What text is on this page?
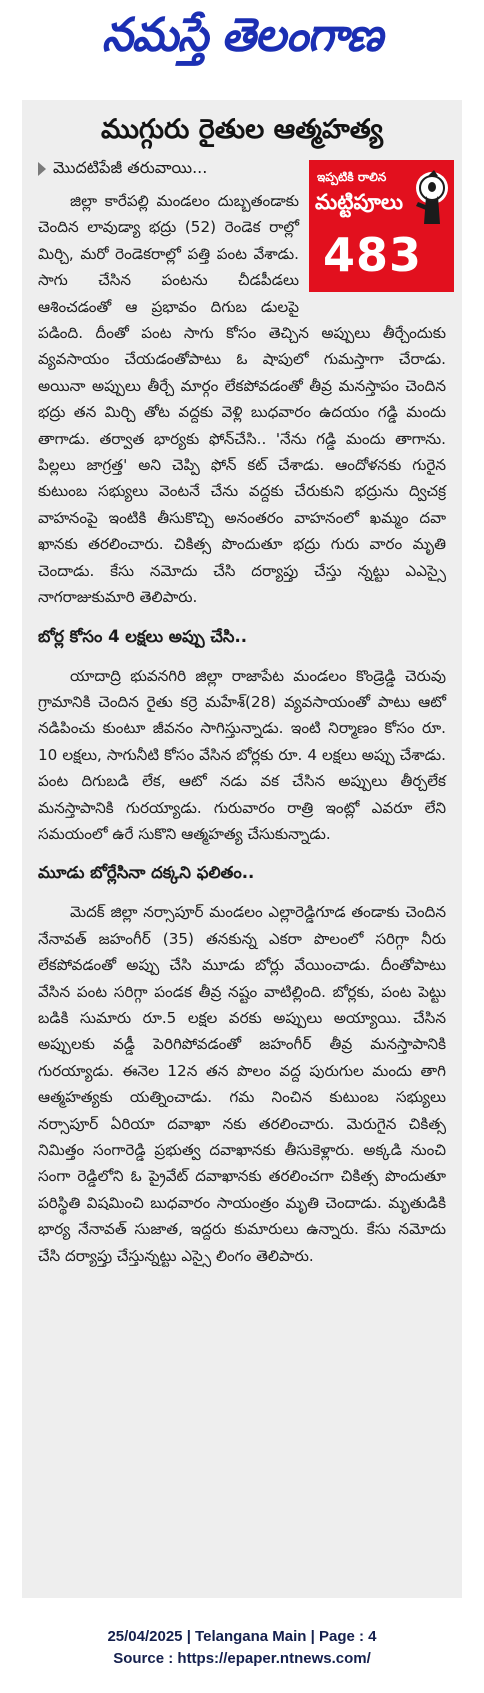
నమస్తే తెలంగాణ
ముగ్గురు రైతుల ఆత్మహత్య
మొదటిపేజీ తరువాయి...
ఇప్పటికి రాలిన
మట్టిపూలు
483

జిల్లా కారేపల్లి మండలం దుబ్బతండాకు చెందిన లావుడ్యా భద్రు (52) రెండెక రాల్లో మిర్చి, మరో రెండెకరాల్లో పత్తి పంట వేశాడు. సాగు చేసిన పంటను చీడపీడలు ఆశించడంతో ఆ ప్రభావం దిగుబ డులపై పడింది. దీంతో పంట సాగు కోసం తెచ్చిన అప్పులు తీర్చేందుకు వ్యవసాయం చేయడంతోపాటు ఓ షాపులో గుమస్తాగా చేరాడు. అయినా అప్పులు తీర్చే మార్గం లేకపోవడంతో తీవ్ర మనస్తాపం చెందిన భద్రు తన మిర్చి తోట వద్దకు వెళ్లి బుధవారం ఉదయం గడ్డి మందు తాగాడు. తర్వాత భార్యకు ఫోన్‌చేసి.. 'నేను గడ్డి మందు తాగాను. పిల్లలు జాగ్రత్త' అని చెప్పి ఫోన్ కట్ చేశాడు. ఆందోళనకు గురైన కుటుంబ సభ్యులు వెంటనే చేను వద్దకు చేరుకుని భద్రును ద్విచక్ర వాహనంపై ఇంటికి తీసుకొచ్చి అనంతరం వాహనంలో ఖమ్మం దవా ఖానకు తరలించారు. చికిత్స పొందుతూ భద్రు గురు వారం మృతి చెందాడు. కేసు నమోదు చేసి దర్యాప్తు చేస్తు న్నట్టు ఎఎస్సై నాగరాజుకుమారి తెలిపారు.

బోర్ల కోసం 4 లక్షలు అప్పు చేసి..

యాదాద్రి భువనగిరి జిల్లా రాజాపేట మండలం కొండ్రెడ్డి చెరువు గ్రామానికి చెందిన రైతు కర్రె మహేశ్(28) వ్యవసాయంతో పాటు ఆటో నడిపించు కుంటూ జీవనం సాగిస్తున్నాడు. ఇంటి నిర్మాణం కోసం రూ. 10 లక్షలు, సాగునీటి కోసం వేసిన బోర్లకు రూ. 4 లక్షలు అప్పు చేశాడు. పంట దిగుబడి లేక, ఆటో నడు వక చేసిన అప్పులు తీర్చలేక మనస్తాపానికి గురయ్యాడు. గురువారం రాత్రి ఇంట్లో ఎవరూ లేని సమయంలో ఉరే సుకొని ఆత్మహత్య చేసుకున్నాడు.

మూడు బోర్లేసినా దక్కని ఫలితం..

మెదక్ జిల్లా నర్సాపూర్ మండలం ఎల్లారెడ్డిగూడ తండాకు చెందిన నేనావత్ జహంగీర్ (35) తనకున్న ఎకరా పొలంలో సరిగ్గా నీరు లేకపోవడంతో అప్పు చేసి మూడు బోర్లు వేయించాడు. దీంతోపాటు వేసిన పంట సరిగ్గా పండక తీవ్ర నష్టం వాటిల్లింది. బోర్లకు, పంట పెట్టు బడికి సుమారు రూ.5 లక్షల వరకు అప్పులు అయ్యాయి. చేసిన అప్పులకు వడ్డీ పెరిగిపోవడంతో జహంగీర్ తీవ్ర మనస్తాపానికి గురయ్యాడు. ఈనెల 12న తన పొలం వద్ద పురుగుల మందు తాగి ఆత్మహత్యకు యత్నించాడు. గమ నించిన కుటుంబ సభ్యులు నర్సాపూర్ ఏరియా దవాఖా నకు తరలించారు. మెరుగైన చికిత్స నిమిత్తం సంగారెడ్డి ప్రభుత్వ దవాఖానకు తీసుకెళ్లారు. అక్కడి నుంచి సంగా రెడ్డిలోని ఓ ప్రైవేట్ దవాఖానకు తరలించగా చికిత్స పొందుతూ పరిస్థితి విషమించి బుధవారం సాయంత్రం మృతి చెందాడు. మృతుడికి భార్య నేనావత్ సుజాత, ఇద్దరు కుమారులు ఉన్నారు. కేసు నమోదు చేసి దర్యాప్తు చేస్తున్నట్టు ఎస్సై లింగం తెలిపారు.

25/04/2025 | Telangana Main | Page : 4
Source : https://epaper.ntnews.com/
